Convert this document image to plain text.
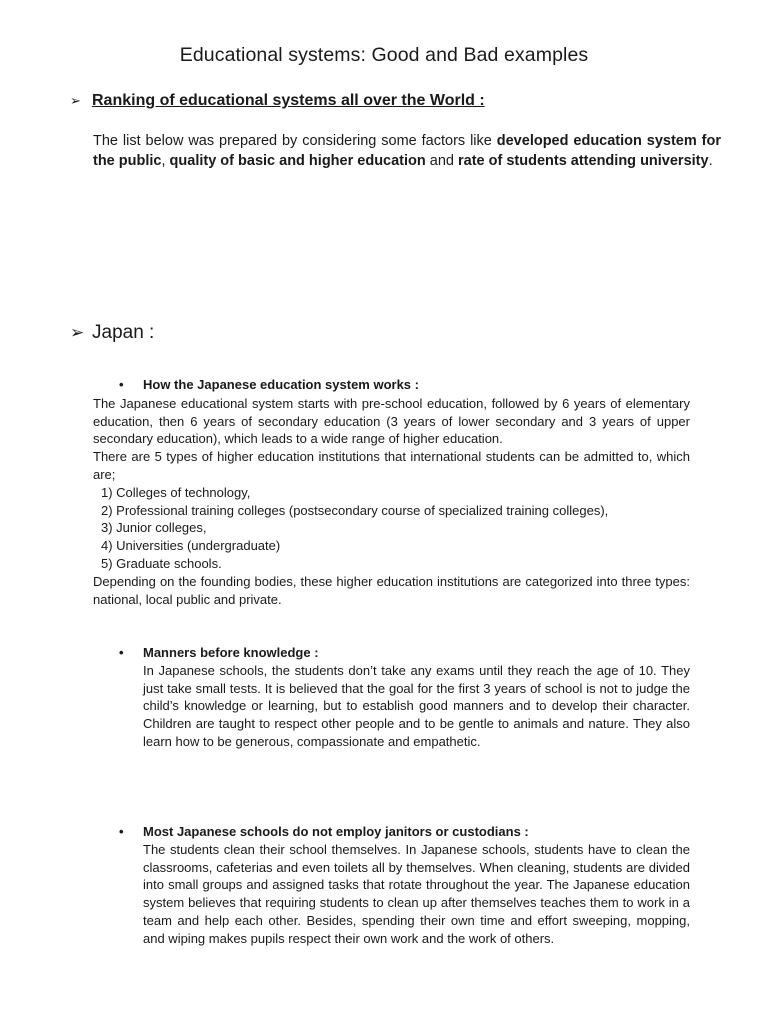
Educational systems: Good and Bad examples
➢ Ranking of educational systems all over the World :
The list below was prepared by considering some factors like developed education system for the public, quality of basic and higher education and rate of students attending university.
➢ Japan :
• How the Japanese education system works :

The Japanese educational system starts with pre-school education, followed by 6 years of elementary education, then 6 years of secondary education (3 years of lower secondary and 3 years of upper secondary education), which leads to a wide range of higher education.

There are 5 types of higher education institutions that international students can be admitted to, which are;

1) Colleges of technology,

2) Professional training colleges (postsecondary course of specialized training colleges),

3) Junior colleges,

4) Universities (undergraduate)

5) Graduate schools.

Depending on the founding bodies, these higher education institutions are categorized into three types: national, local public and private.

• Manners before knowledge :

In Japanese schools, the students don’t take any exams until they reach the age of 10. They just take small tests. It is believed that the goal for the first 3 years of school is not to judge the child’s knowledge or learning, but to establish good manners and to develop their character. Children are taught to respect other people and to be gentle to animals and nature. They also learn how to be generous, compassionate and empathetic.

• Most Japanese schools do not employ janitors or custodians :

The students clean their school themselves. In Japanese schools, students have to clean the classrooms, cafeterias and even toilets all by themselves. When cleaning, students are divided into small groups and assigned tasks that rotate throughout the year. The Japanese education system believes that requiring students to clean up after themselves teaches them to work in a team and help each other. Besides, spending their own time and effort sweeping, mopping, and wiping makes pupils respect their own work and the work of others.
